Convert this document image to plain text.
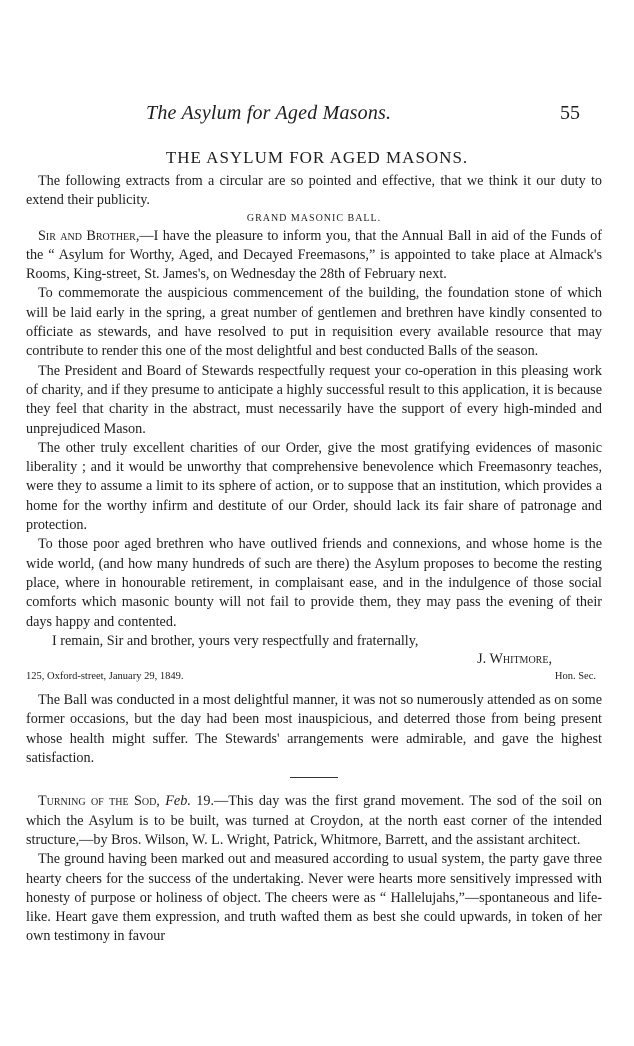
The Asylum for Aged Masons.	55
THE ASYLUM FOR AGED MASONS.

The following extracts from a circular are so pointed and effective, that we think it our duty to extend their publicity.

GRAND MASONIC BALL.

Sir and Brother,—I have the pleasure to inform you, that the Annual Ball in aid of the Funds of the “ Asylum for Worthy, Aged, and Decayed Freemasons,” is appointed to take place at Almack's Rooms, King-street, St. James's, on Wednesday the 28th of February next.

To commemorate the auspicious commencement of the building, the foundation stone of which will be laid early in the spring, a great number of gentlemen and brethren have kindly consented to officiate as stewards, and have resolved to put in requisition every available resource that may contribute to render this one of the most delightful and best conducted Balls of the season.

The President and Board of Stewards respectfully request your co-operation in this pleasing work of charity, and if they presume to anticipate a highly successful result to this application, it is because they feel that charity in the abstract, must necessarily have the support of every high-minded and unprejudiced Mason.

The other truly excellent charities of our Order, give the most gratifying evidences of masonic liberality ; and it would be unworthy that comprehensive benevolence which Freemasonry teaches, were they to assume a limit to its sphere of action, or to suppose that an institution, which provides a home for the worthy infirm and destitute of our Order, should lack its fair share of patronage and protection.

To those poor aged brethren who have outlived friends and connexions, and whose home is the wide world, (and how many hundreds of such are there) the Asylum proposes to become the resting place, where in honourable retirement, in complaisant ease, and in the indulgence of those social comforts which masonic bounty will not fail to provide them, they may pass the evening of their days happy and contented.

I remain, Sir and brother, yours very respectfully and fraternally,

J. Whitmore,

125, Oxford-street, January 29, 1849.	Hon. Sec.

The Ball was conducted in a most delightful manner, it was not so numerously attended as on some former occasions, but the day had been most inauspicious, and deterred those from being present whose health might suffer. The Stewards' arrangements were admirable, and gave the highest satisfaction.

Turning of the Sod, Feb. 19.—This day was the first grand movement. The sod of the soil on which the Asylum is to be built, was turned at Croydon, at the north east corner of the intended structure,—by Bros. Wilson, W. L. Wright, Patrick, Whitmore, Barrett, and the assistant architect.

The ground having been marked out and measured according to usual system, the party gave three hearty cheers for the success of the undertaking. Never were hearts more sensitively impressed with honesty of purpose or holiness of object. The cheers were as “ Hallelujahs,”—spontaneous and life-like. Heart gave them expression, and truth wafted them as best she could upwards, in token of her own testimony in favour
